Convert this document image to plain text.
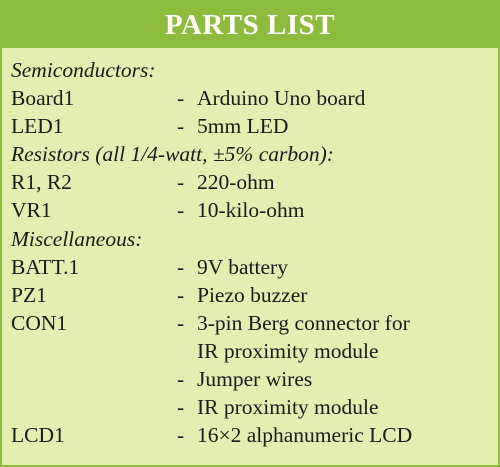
PARTS LIST
Semiconductors:
Board1	- Arduino Uno board
LED1	- 5mm LED
Resistors (all 1/4-watt, ±5% carbon):
R1, R2	- 220-ohm
VR1	- 10-kilo-ohm
Miscellaneous:
BATT.1	- 9V battery
PZ1	- Piezo buzzer
CON1	- 3-pin Berg connector for
IR proximity module
- Jumper wires
- IR proximity module
LCD1	- 16×2 alphanumeric LCD
